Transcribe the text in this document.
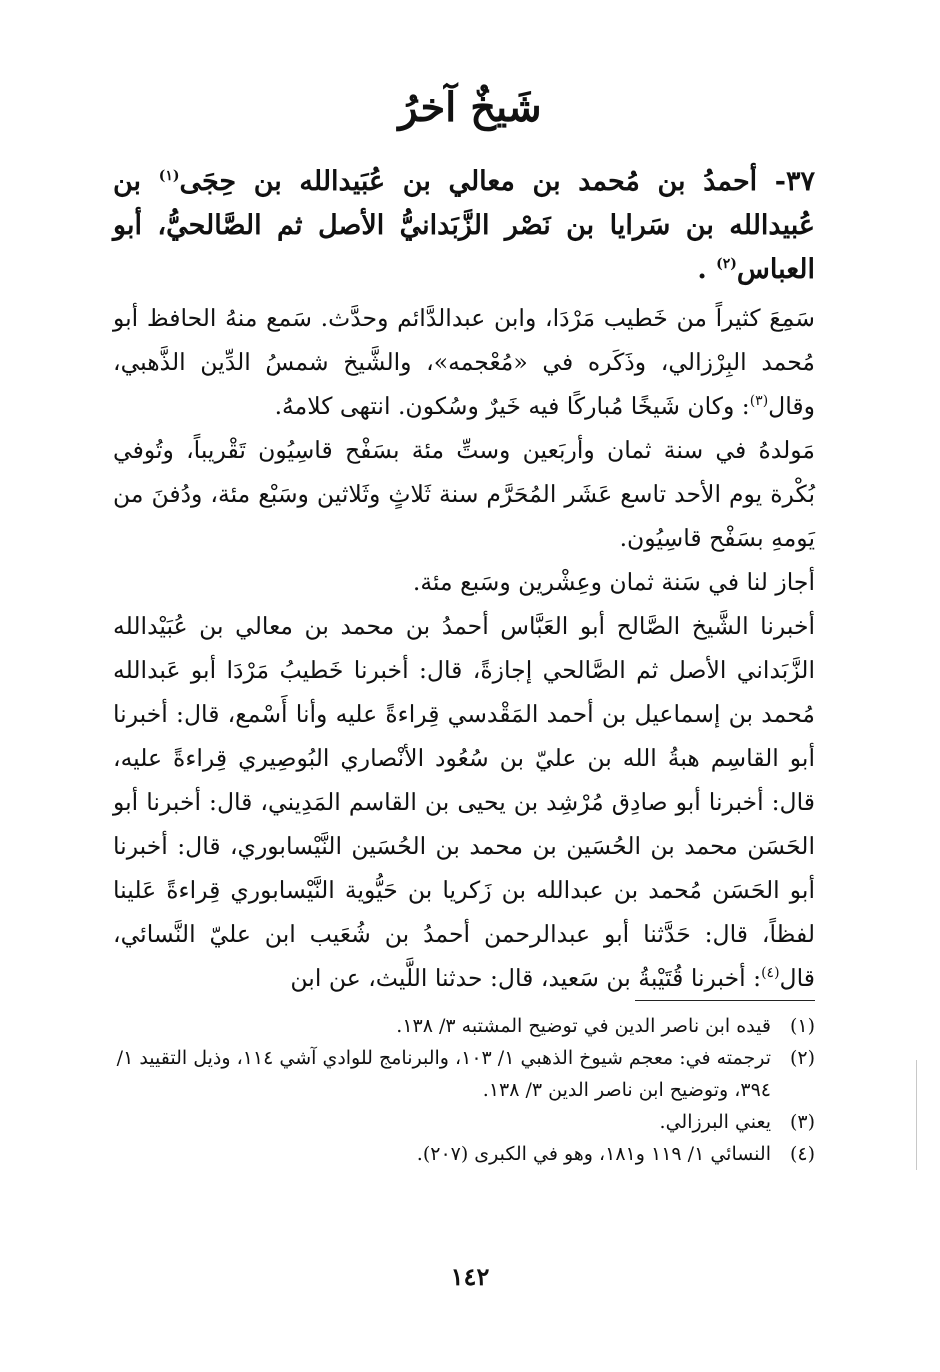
شَيخٌ آخرُ
٣٧- أحمدُ بن مُحمد بن معالي بن عُبَيدالله بن حِجَى$^{(١)}$ بن عُبيدالله بن سَرايا بن نَصْر الزَّبَدانيُّ الأصل ثم الصَّالحيُّ، أبو العباس$^{(٢)}$ .

سَمِعَ كثيراً من خَطيب مَرْدَا، وابن عبدالدَّائم وحدَّث. سَمع منهُ الحافظ أبو مُحمد البِرْزالي، وذَكَره في «مُعْجمه»، والشَّيخ شمسُ الدِّين الذَّهبي، وقال$^{(٣)}$: وكان شَيخًا مُباركًا فيه خَيرٌ وسُكون. انتهى كلامهُ.

مَولدهُ في سنة ثمان وأربَعين وستِّ مئة بسَفْح قاسِيُون تَقْريباً، وتُوفي بُكْرة يوم الأحد تاسع عَشَر المُحَرَّم سنة ثَلاثٍ وثَلاثين وسَبْع مئة، ودُفنَ من يَومهِ بسَفْح قاسِيُون.

أجاز لنا في سَنة ثمان وعِشْرين وسَبع مئة.

أخبرنا الشَّيخ الصَّالح أبو العَبَّاس أحمدُ بن محمد بن معالي بن عُبَيْدالله الزَّبَداني الأصل ثم الصَّالحي إجازةً، قال: أخبرنا خَطيبُ مَرْدَا أبو عَبدالله مُحمد بن إسماعيل بن أحمد المَقْدسي قِراءةً عليه وأنا أَسْمع، قال: أخبرنا أبو القاسِم هبةُ الله بن عليّ بن سُعُود الأنْصاري البُوصِيري قِراءةً عليه، قال: أخبرنا أبو صادِق مُرْشِد بن يحيى بن القاسم المَدِيني، قال: أخبرنا أبو الحَسَن محمد بن الحُسَين بن محمد بن الحُسَين النَّيْسابوري، قال: أخبرنا أبو الحَسَن مُحمد بن عبدالله بن زَكريا بن حَيُّوية النَّيْسابوري قِراءةً عَلينا لفظاً، قال: حَدَّثنا أبو عبدالرحمن أحمدُ بن شُعَيب ابن عليّ النَّسائي، قال$^{(٤)}$: أخبرنا قُتَيْبةُ بن سَعيد، قال: حدثنا اللَّيث، عن ابن

(١)
قيده ابن ناصر الدين في توضيح المشتبه ٣/ ١٣٨.
(٢)
ترجمته في: معجم شيوخ الذهبي ١/ ١٠٣، والبرنامج للوادي آشي ١١٤، وذيل التقييد ١/ ٣٩٤، وتوضيح ابن ناصر الدين ٣/ ١٣٨.
(٣)
يعني البرزالي.
(٤)
النسائي ١/ ١١٩ و١٨١، وهو في الكبرى (٢٠٧).
١٤٢
